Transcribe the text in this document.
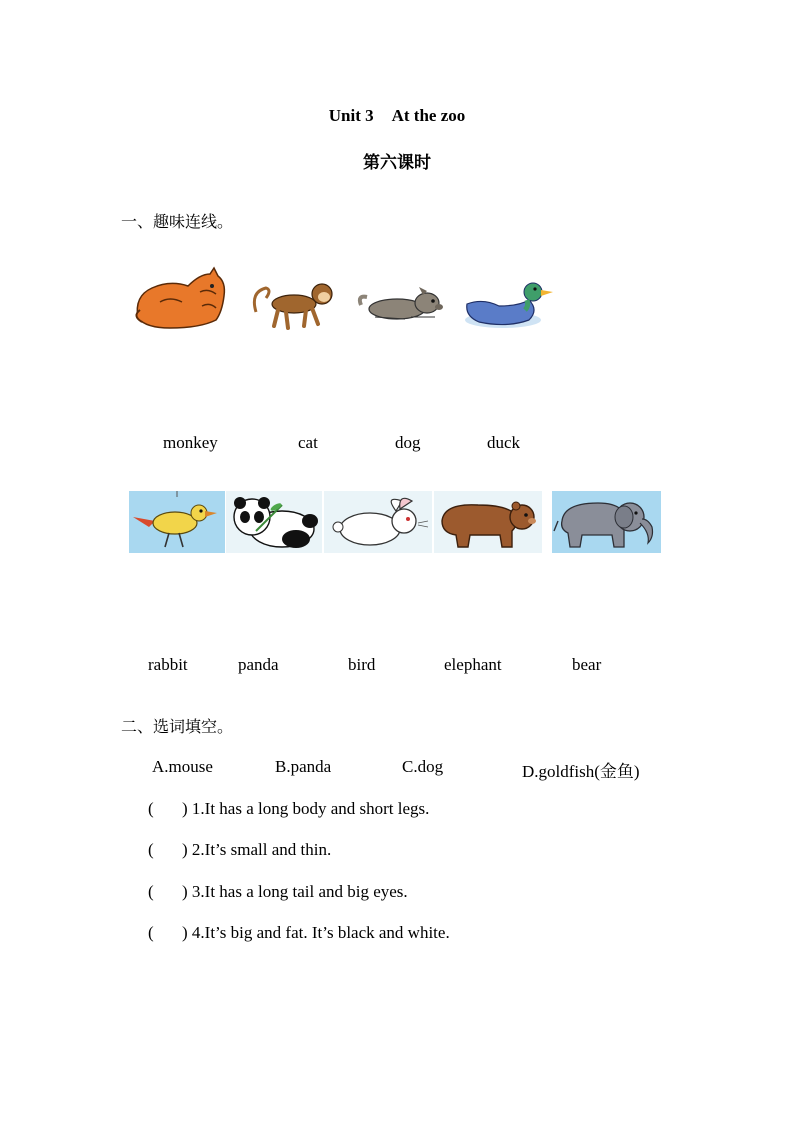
Unit 3 At the zoo
第六课时
一、趣味连线。
monkey	cat	dog	duck
rabbit	panda	bird	elephant	bear
二、选词填空。
A.mouse	B.panda	C.dog	D.goldfish(金鱼)
( ) 1.It has a long body and short legs.
( ) 2.It’s small and thin.
( ) 3.It has a long tail and big eyes.
( ) 4.It’s big and fat. It’s black and white.
